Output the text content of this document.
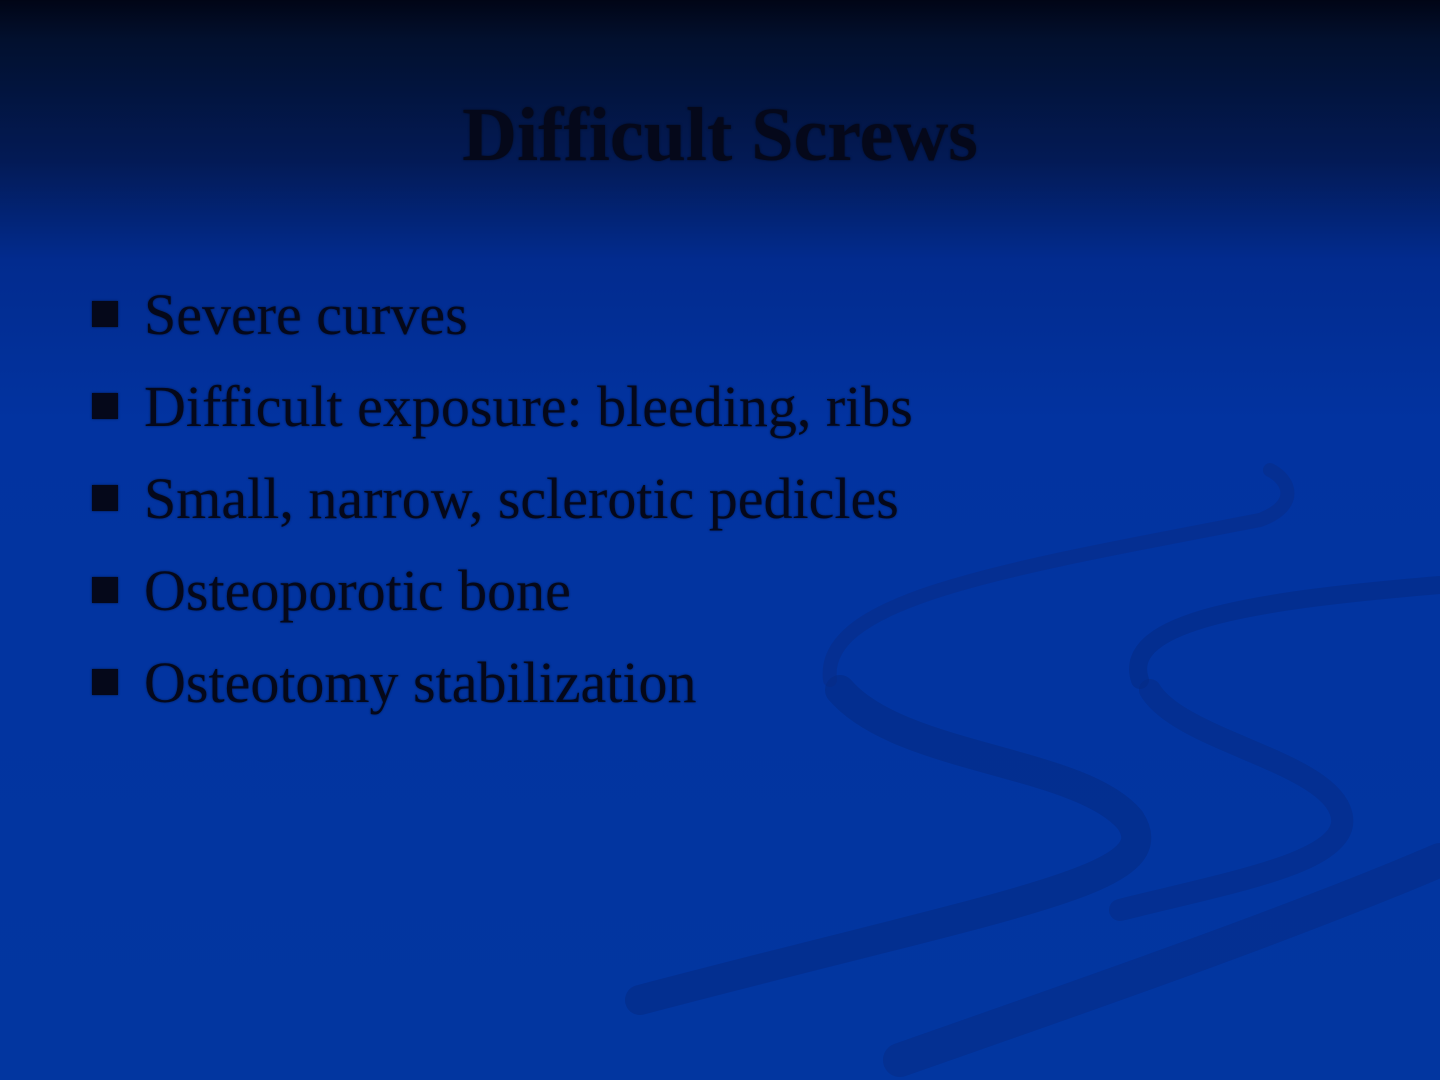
Difficult Screws
Severe curves
Difficult exposure: bleeding, ribs
Small, narrow, sclerotic pedicles
Osteoporotic bone
Osteotomy stabilization
